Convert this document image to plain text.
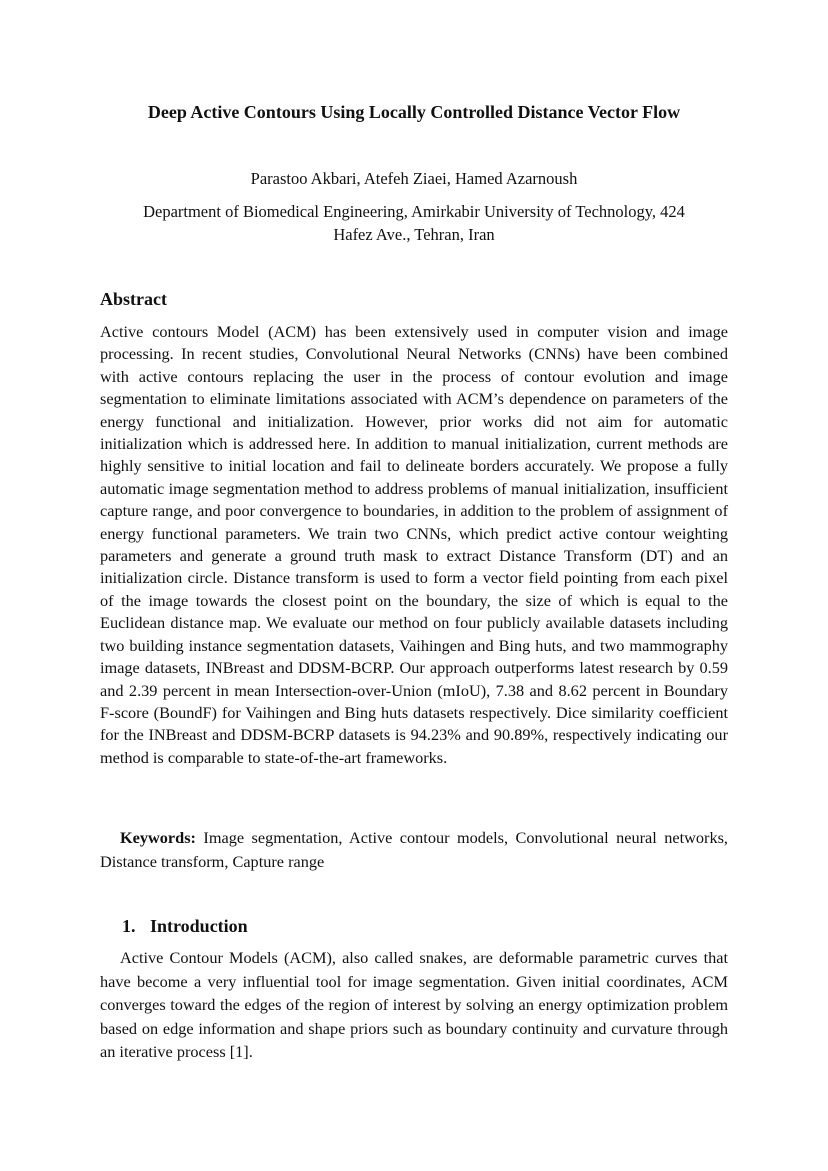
Deep Active Contours Using Locally Controlled Distance Vector Flow
Parastoo Akbari, Atefeh Ziaei, Hamed Azarnoush
Department of Biomedical Engineering, Amirkabir University of Technology, 424
Hafez Ave., Tehran, Iran
Abstract

Active contours Model (ACM) has been extensively used in computer vision and image processing. In recent studies, Convolutional Neural Networks (CNNs) have been combined with active contours replacing the user in the process of contour evolution and image segmentation to eliminate limitations associated with ACM’s dependence on parameters of the energy functional and initialization. However, prior works did not aim for automatic initialization which is addressed here. In addition to manual initialization, current methods are highly sensitive to initial location and fail to delineate borders accurately. We propose a fully automatic image segmentation method to address problems of manual initialization, insufficient capture range, and poor convergence to boundaries, in addition to the problem of assignment of energy functional parameters. We train two CNNs, which predict active contour weighting parameters and generate a ground truth mask to extract Distance Transform (DT) and an initialization circle. Distance transform is used to form a vector field pointing from each pixel of the image towards the closest point on the boundary, the size of which is equal to the Euclidean distance map. We evaluate our method on four publicly available datasets including two building instance segmentation datasets, Vaihingen and Bing huts, and two mammography image datasets, INBreast and DDSM-BCRP. Our approach outperforms latest research by 0.59 and 2.39 percent in mean Intersection-over-Union (mIoU), 7.38 and 8.62 percent in Boundary F-score (BoundF) for Vaihingen and Bing huts datasets respectively. Dice similarity coefficient for the INBreast and DDSM-BCRP datasets is 94.23% and 90.89%, respectively indicating our method is comparable to state-of-the-art frameworks.

Keywords: Image segmentation, Active contour models, Convolutional neural networks, Distance transform, Capture range

1. Introduction

Active Contour Models (ACM), also called snakes, are deformable parametric curves that have become a very influential tool for image segmentation. Given initial coordinates, ACM converges toward the edges of the region of interest by solving an energy optimization problem based on edge information and shape priors such as boundary continuity and curvature through an iterative process [1].
